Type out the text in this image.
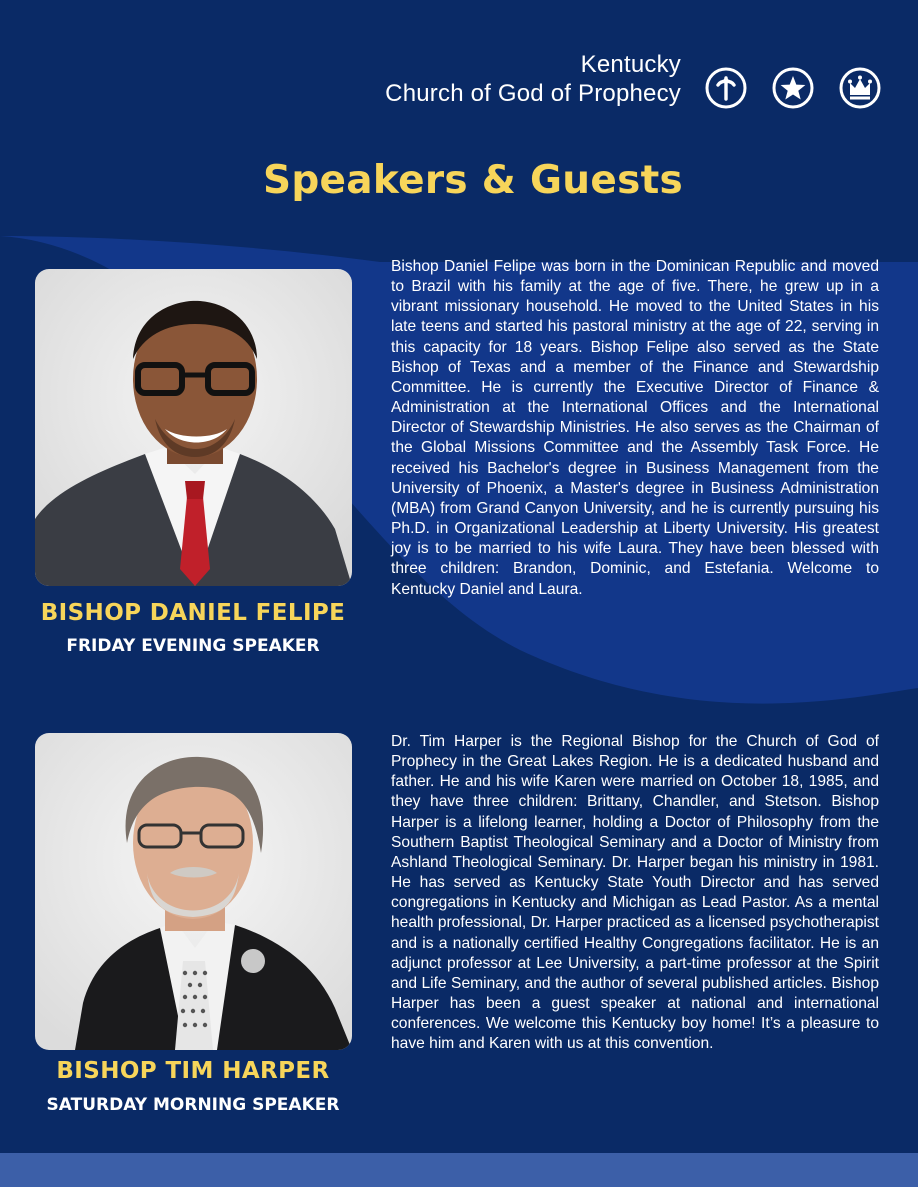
Kentucky
Church of God of Prophecy
Speakers & Guests
BISHOP DANIEL FELIPE
FRIDAY EVENING SPEAKER

Bishop Daniel Felipe was born in the Dominican Republic and moved to Brazil with his family at the age of five. There, he grew up in a vibrant missionary household. He moved to the United States in his late teens and started his pastoral ministry at the age of 22, serving in this capacity for 18 years. Bishop Felipe also served as the State Bishop of Texas and a member of the Finance and Stewardship Committee. He is currently the Executive Director of Finance & Administration at the International Offices and the International Director of Stewardship Ministries. He also serves as the Chairman of the Global Missions Committee and the Assembly Task Force. He received his Bachelor's degree in Business Management from the University of Phoenix, a Master's degree in Business Administration (MBA) from Grand Canyon University, and he is currently pursuing his Ph.D. in Organizational Leadership at Liberty University. His greatest joy is to be married to his wife Laura. They have been blessed with three children: Brandon, Dominic, and Estefania. Welcome to Kentucky Daniel and Laura.

BISHOP TIM HARPER
SATURDAY MORNING SPEAKER

Dr. Tim Harper is the Regional Bishop for the Church of God of Prophecy in the Great Lakes Region. He is a dedicated husband and father. He and his wife Karen were married on October 18, 1985, and they have three children: Brittany, Chandler, and Stetson. Bishop Harper is a lifelong learner, holding a Doctor of Philosophy from the Southern Baptist Theological Seminary and a Doctor of Ministry from Ashland Theological Seminary. Dr. Harper began his ministry in 1981. He has served as Kentucky State Youth Director and has served congregations in Kentucky and Michigan as Lead Pastor. As a mental health professional, Dr. Harper practiced as a licensed psychotherapist and is a nationally certified Healthy Congregations facilitator. He is an adjunct professor at Lee University, a part-time professor at the Spirit and Life Seminary, and the author of several published articles. Bishop Harper has been a guest speaker at national and international conferences. We welcome this Kentucky boy home! It’s a pleasure to have him and Karen with us at this convention.
